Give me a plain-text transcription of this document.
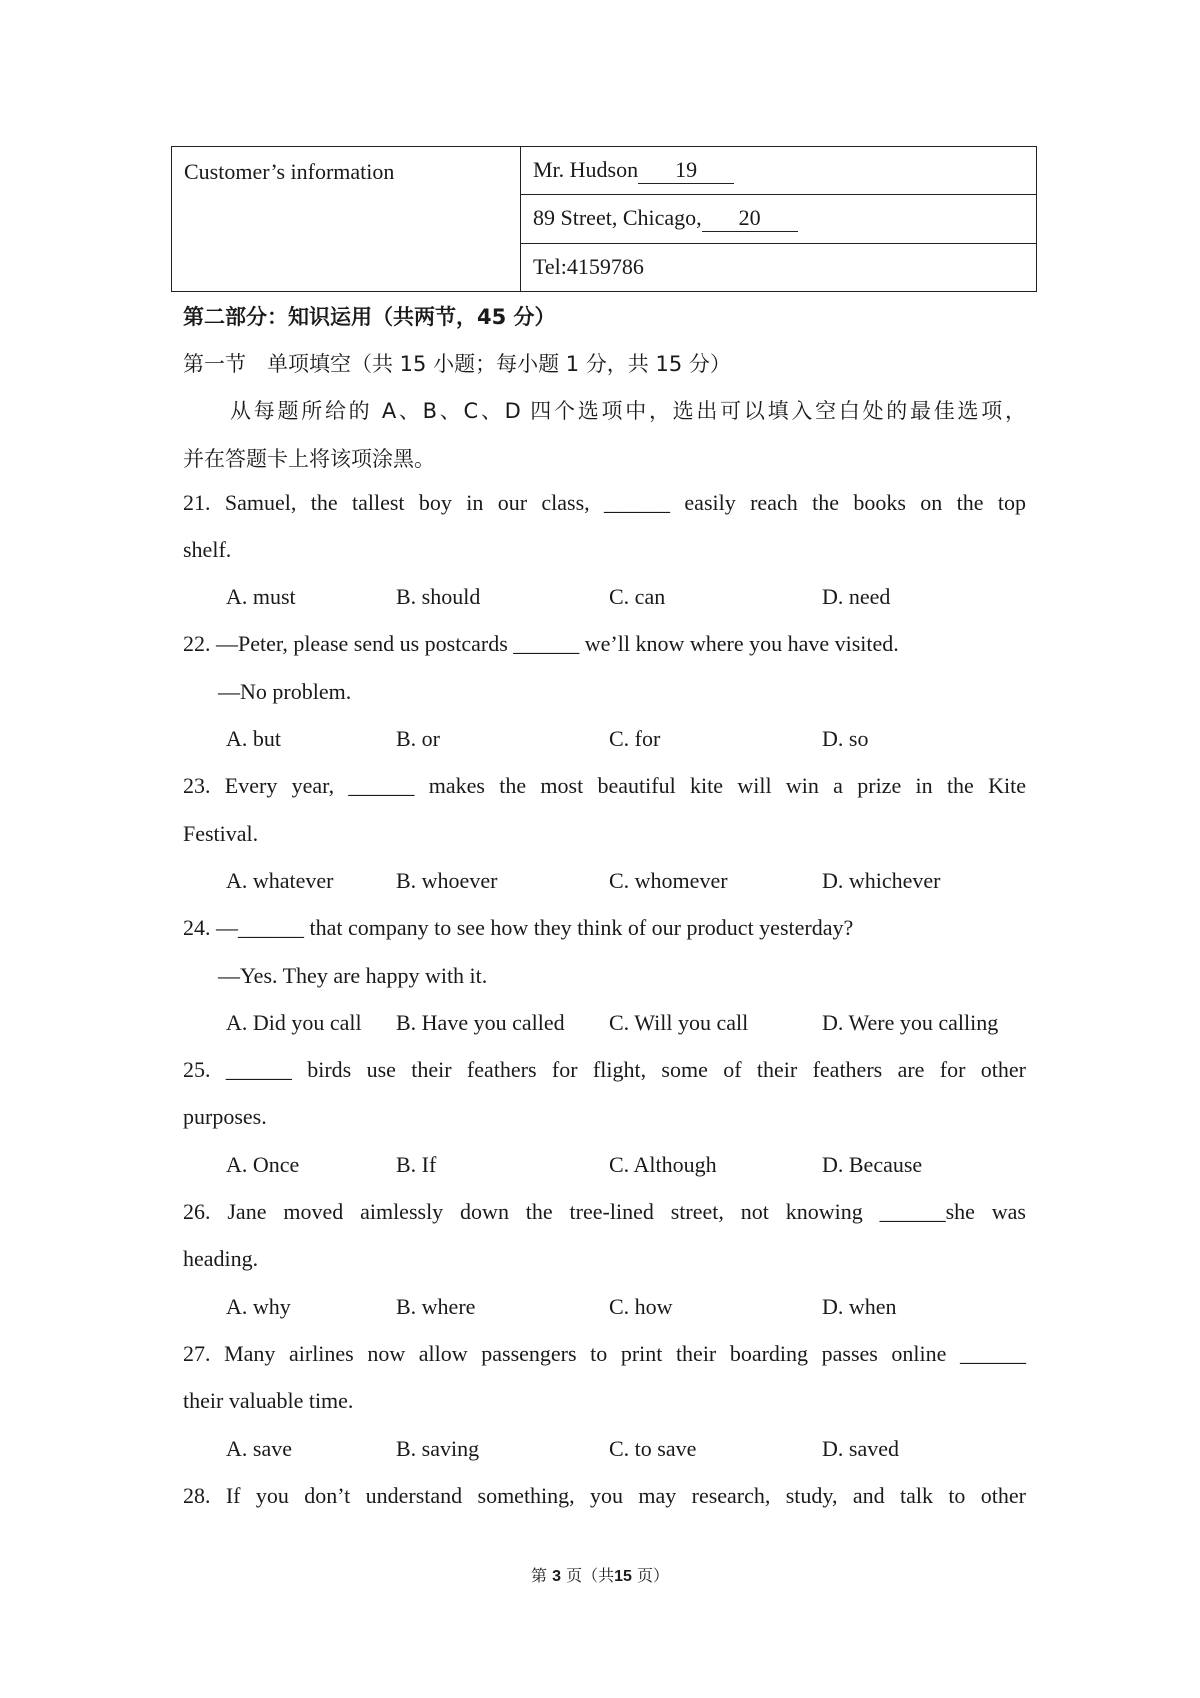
Customer’s information	Mr. Hudson 19
89 Street, Chicago, 20
Tel:4159786
第二部分：知识运用（共两节，45 分）
第一节　单项填空（共 15 小题；每小题 1 分，共 15 分）
从每题所给的 A、B、C、D 四个选项中，选出可以填入空白处的最佳选项，
并在答题卡上将该项涂黑。
21. Samuel, the tallest boy in our class, ______ easily reach the books on the top
shelf.
A. must	B. should	C. can	D. need
22. —Peter, please send us postcards ______ we’ll know where you have visited.
—No problem.
A. but	B. or	C. for	D. so
23. Every year, ______ makes the most beautiful kite will win a prize in the Kite
Festival.
A. whatever	B. whoever	C. whomever	D. whichever
24. —______ that company to see how they think of our product yesterday?
—Yes. They are happy with it.
A. Did you call B. Have you called C. Will you call	D. Were you calling
25. ______ birds use their feathers for flight, some of their feathers are for other
purposes.
A. Once	B. If	C. Although	D. Because
26. Jane moved aimlessly down the tree-lined street, not knowing ______she was
heading.
A. why	B. where	C. how	D. when
27. Many airlines now allow passengers to print their boarding passes online ______
their valuable time.
A. save	B. saving	C. to save	D. saved
28. If you don’t understand something, you may research, study, and talk to other
第 3 页（共15 页）
